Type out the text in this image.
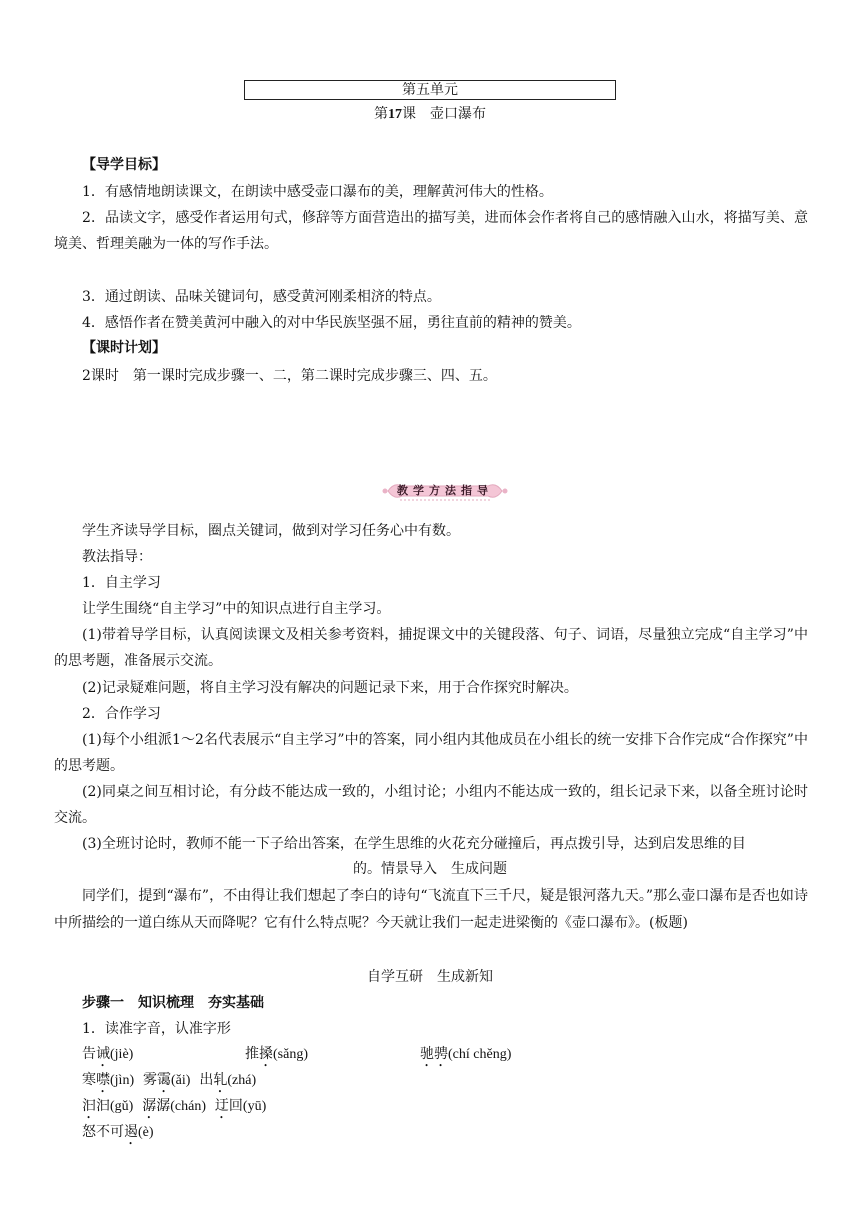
第五单元
第17课　壶口瀑布
【导学目标】
1．有感情地朗读课文，在朗读中感受壶口瀑布的美，理解黄河伟大的性格。
2．品读文字，感受作者运用句式，修辞等方面营造出的描写美，进而体会作者将自己的感情融入山水，将描写美、意境美、哲理美融为一体的写作手法。
3．通过朗读、品味关键词句，感受黄河刚柔相济的特点。
4．感悟作者在赞美黄河中融入的对中华民族坚强不屈，勇往直前的精神的赞美。
【课时计划】
2课时　第一课时完成步骤一、二，第二课时完成步骤三、四、五。
教学方法指导
学生齐读导学目标，圈点关键词，做到对学习任务心中有数。
教法指导：
1．自主学习
让学生围绕“自主学习”中的知识点进行自主学习。
(1)带着导学目标，认真阅读课文及相关参考资料，捕捉课文中的关键段落、句子、词语，尽量独立完成“自主学习”中的思考题，准备展示交流。
(2)记录疑难问题，将自主学习没有解决的问题记录下来，用于合作探究时解决。
2．合作学习
(1)每个小组派1～2名代表展示“自主学习”中的答案，同小组内其他成员在小组长的统一安排下合作完成“合作探究”中的思考题。
(2)同桌之间互相讨论，有分歧不能达成一致的，小组讨论；小组内不能达成一致的，组长记录下来，以备全班讨论时交流。
(3)全班讨论时，教师不能一下子给出答案，在学生思维的火花充分碰撞后，再点拨引导，达到启发思维的目
的。情景导入　生成问题
同学们，提到“瀑布”，不由得让我们想起了李白的诗句“飞流直下三千尺，疑是银河落九天。”那么壶口瀑布是否也如诗中所描绘的一道白练从天而降呢？它有什么特点呢？今天就让我们一起走进梁衡的《壶口瀑布》。(板题)
自学互研　生成新知
步骤一　知识梳理　夯实基础
1．读准字音，认准字形
告诫(jiè)	推搡(sǎng)	驰骋(chí chěng)
寒噤(jìn) 雾霭(ǎi) 出轧(zhá)
汩汩(gǔ) 潺潺(chán) 迂回(yū)
怒不可遏(è)
